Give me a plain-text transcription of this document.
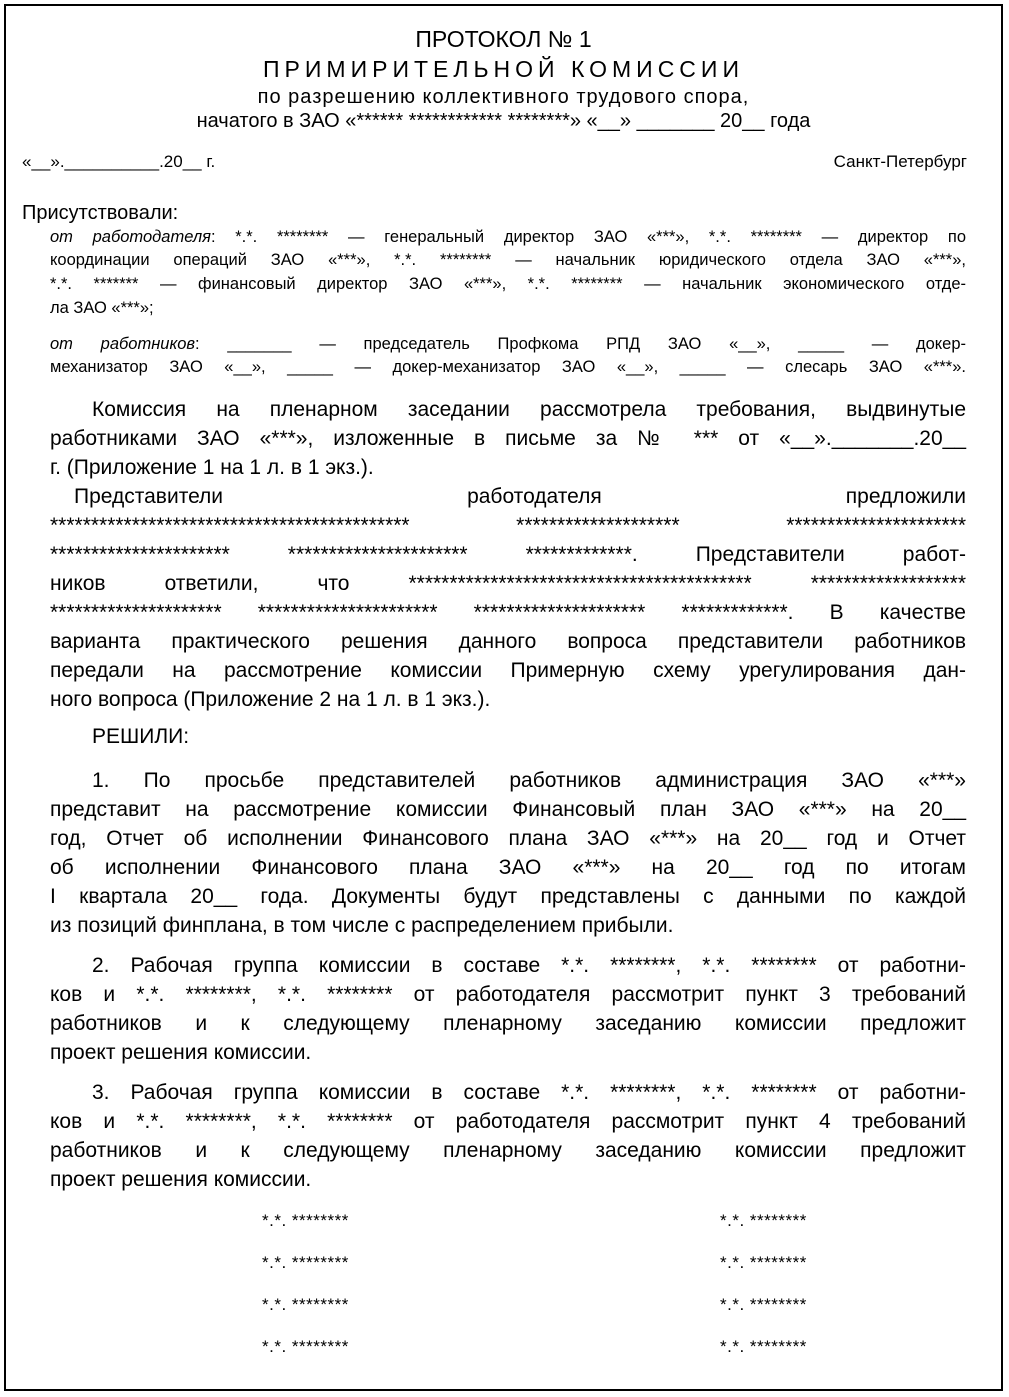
ПРОТОКОЛ № 1
ПРИМИРИТЕЛЬНОЙ КОМИССИИ
по разрешению коллективного трудового спора,
начатого в ЗАО «****** ************ ********» «__» _______ 20__ года
«__».__________.20__ г.	Санкт-Петербург
Присутствовали:
от работодателя: *.*. ******** — генеральный директор ЗАО «***», *.*. ******** — директор по
координации операций ЗАО «***», *.*. ******** — начальник юридического отдела ЗАО «***»,
*.*. ******* — финансовый директор ЗАО «***», *.*. ******** — начальник экономического отде-
ла ЗАО «***»;
от работников: _______ — председатель Профкома РПД ЗАО «__», _____ — докер-
механизатор ЗАО «__», _____ — докер-механизатор ЗАО «__», _____ — слесарь ЗАО «***».
Комиссия на пленарном заседании рассмотрела требования, выдвинутые
работниками ЗАО «***», изложенные в письме за № *** от «__»._______.20__
г. (Приложение 1 на 1 л. в 1 экз.).
Представители работодателя предложили
******************************************** ******************** **********************
********************** ********************** *************. Представители работ-
ников ответили, что ****************************************** *******************
********************* ********************** ********************* *************. В качестве
варианта практического решения данного вопроса представители работников
передали на рассмотрение комиссии Примерную схему урегулирования дан-
ного вопроса (Приложение 2 на 1 л. в 1 экз.).
РЕШИЛИ:
1. По просьбе представителей работников администрация ЗАО «***»
представит на рассмотрение комиссии Финансовый план ЗАО «***» на 20__
год, Отчет об исполнении Финансового плана ЗАО «***» на 20__ год и Отчет
об исполнении Финансового плана ЗАО «***» на 20__ год по итогам
I квартала 20__ года. Документы будут представлены с данными по каждой
из позиций финплана, в том числе с распределением прибыли.
2. Рабочая группа комиссии в составе *.*. ********, *.*. ******** от работни-
ков и *.*. ********, *.*. ******** от работодателя рассмотрит пункт 3 требований
работников и к следующему пленарному заседанию комиссии предложит
проект решения комиссии.
3. Рабочая группа комиссии в составе *.*. ********, *.*. ******** от работни-
ков и *.*. ********, *.*. ******** от работодателя рассмотрит пункт 4 требований
работников и к следующему пленарному заседанию комиссии предложит
проект решения комиссии.
*.*. ********
*.*. ********
*.*. ********
*.*. ********
*.*. ********
*.*. ********
*.*. ********
*.*. ********
